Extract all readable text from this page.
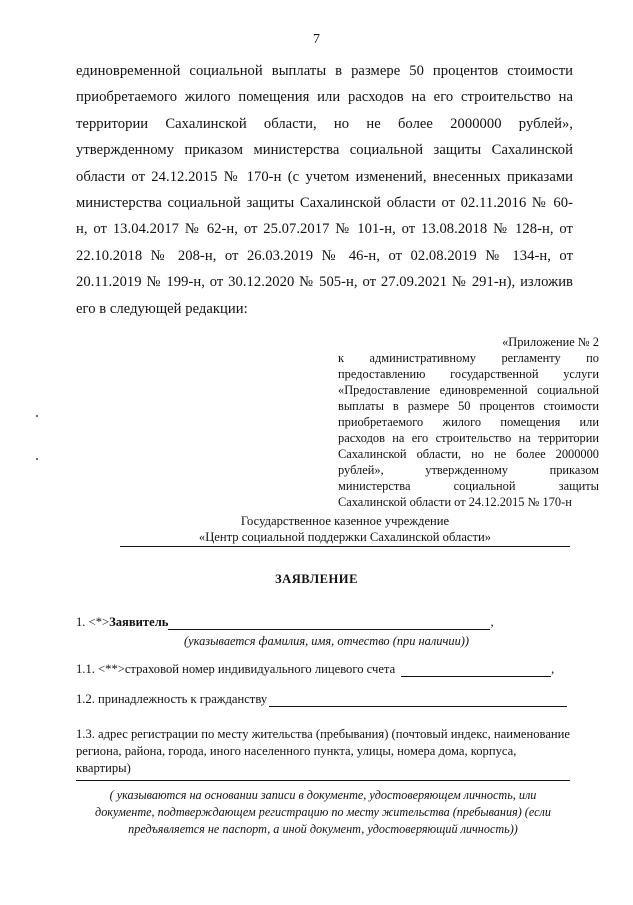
7
единовременной социальной выплаты в размере 50 процентов стоимости
приобретаемого жилого помещения или расходов на его строительство на
территории Сахалинской области, но не более 2000000 рублей»,
утвержденному приказом министерства социальной защиты Сахалинской
области от 24.12.2015 № 170-н (с учетом изменений, внесенных приказами
министерства социальной защиты Сахалинской области от 02.11.2016 № 60-
н, от 13.04.2017 № 62-н, от 25.07.2017 № 101-н, от 13.08.2018 № 128-н, от
22.10.2018 № 208-н, от 26.03.2019 № 46-н, от 02.08.2019 № 134-н, от
20.11.2019 № 199-н, от 30.12.2020 № 505-н, от 27.09.2021 № 291-н), изложив
его в следующей редакции:
«Приложение № 2
к административному регламенту по
предоставлению государственной услуги
«Предоставление единовременной социальной
выплаты в размере 50 процентов стоимости
приобретаемого жилого помещения или
расходов на его строительство на территории
Сахалинской области, но не более 2000000
рублей», утвержденному приказом
министерства социальной защиты
Сахалинской области от 24.12.2015 № 170-н
Государственное казенное учреждение
«Центр социальной поддержки Сахалинской области»
ЗАЯВЛЕНИЕ
1. <*>Заявитель	,
(указывается фамилия, имя, отчество (при наличии))
1.1. <**>страховой номер индивидуального лицевого счета	,
1.2. принадлежность к гражданству
1.3. адрес регистрации по месту жительства (пребывания) (почтовый индекс, наименование региона, района, города, иного населенного пункта, улицы, номера дома, корпуса, квартиры)
( указываются на основании записи в документе, удостоверяющем личность, или
документе, подтверждающем регистрацию по месту жительства (пребывания) (если
предъявляется не паспорт, а иной документ, удостоверяющий личность))
